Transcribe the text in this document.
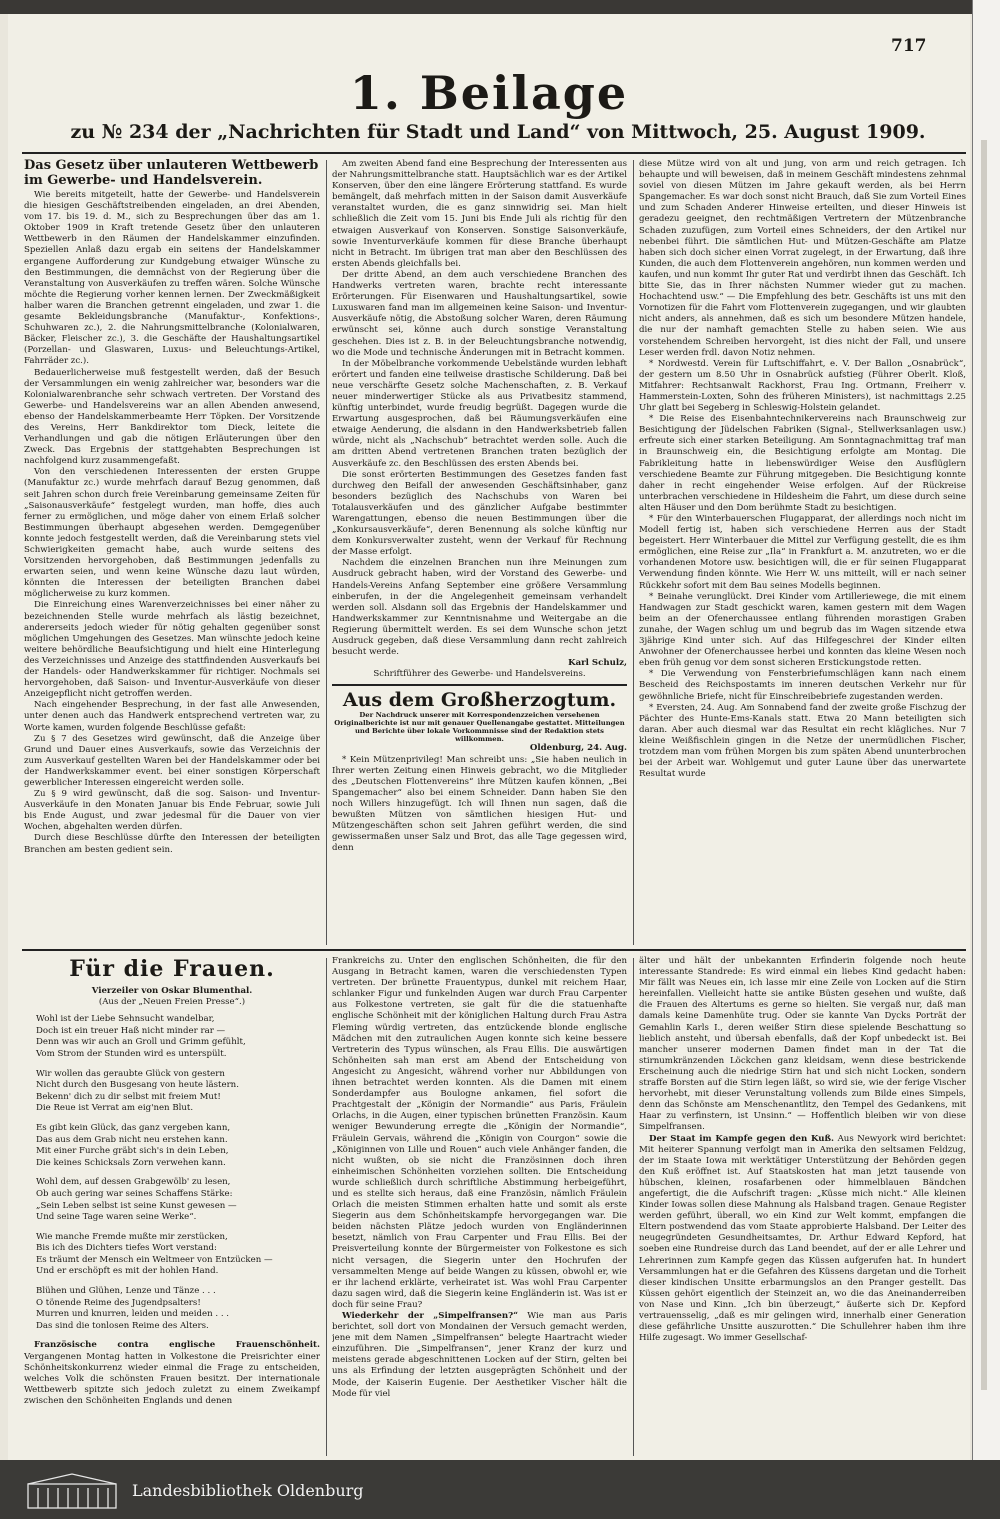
717
1. Beilage
zu № 234 der „Nachrichten für Stadt und Land“ von Mittwoch, 25. August 1909.
Das Gesetz über unlauteren Wettbewerb im Gewerbe- und Handelsverein.

Wie bereits mitgeteilt, hatte der Gewerbe- und Handelsverein die hiesigen Geschäftstreibenden eingeladen, an drei Abenden, vom 17. bis 19. d. M., sich zu Besprechungen über das am 1. Oktober 1909 in Kraft tretende Gesetz über den unlauteren Wettbewerb in den Räumen der Handelskammer einzufinden. Speziellen Anlaß dazu ergab ein seitens der Handelskammer ergangene Aufforderung zur Kundgebung etwaiger Wünsche zu den Bestimmungen, die demnächst von der Regierung über die Veranstaltung von Ausverkäufen zu treffen wären. Solche Wünsche möchte die Regierung vorher kennen lernen. Der Zweckmäßigkeit halber waren die Branchen getrennt eingeladen, und zwar 1. die gesamte Bekleidungsbranche (Manufaktur-, Konfektions-, Schuhwaren zc.), 2. die Nahrungsmittelbranche (Kolonialwaren, Bäcker, Fleischer zc.), 3. die Geschäfte der Haushaltungsartikel (Porzellan- und Glaswaren, Luxus- und Beleuchtungs-Artikel, Fahrräder zc.).

Bedauerlicherweise muß festgestellt werden, daß der Besuch der Versammlungen ein wenig zahlreicher war, besonders war die Kolonialwarenbranche sehr schwach vertreten. Der Vorstand des Gewerbe- und Handelsvereins war an allen Abenden anwesend, ebenso der Handelskammerbeamte Herr Töpken. Der Vorsitzende des Vereins, Herr Bankdirektor tom Dieck, leitete die Verhandlungen und gab die nötigen Erläuterungen über den Zweck. Das Ergebnis der stattgehabten Besprechungen ist nachfolgend kurz zusammengefaßt.

Von den verschiedenen Interessenten der ersten Gruppe (Manufaktur zc.) wurde mehrfach darauf Bezug genommen, daß seit Jahren schon durch freie Vereinbarung gemeinsame Zeiten für „Saisonausverkäufe“ festgelegt wurden, man hoffe, dies auch ferner zu ermöglichen, und möge daher von einem Erlaß solcher Bestimmungen überhaupt abgesehen werden. Demgegenüber konnte jedoch festgestellt werden, daß die Vereinbarung stets viel Schwierigkeiten gemacht habe, auch wurde seitens des Vorsitzenden hervorgehoben, daß Bestimmungen jedenfalls zu erwarten seien, und wenn keine Wünsche dazu laut würden, könnten die Interessen der beteiligten Branchen dabei möglicherweise zu kurz kommen.

Die Einreichung eines Warenverzeichnisses bei einer näher zu bezeichnenden Stelle wurde mehrfach als lästig bezeichnet, andererseits jedoch wieder für nötig gehalten gegenüber sonst möglichen Umgehungen des Gesetzes. Man wünschte jedoch keine weitere behördliche Beaufsichtigung und hielt eine Hinterlegung des Verzeichnisses und Anzeige des stattfindenden Ausverkaufs bei der Handels- oder Handwerkskammer für richtiger. Nochmals sei hervorgehoben, daß Saison- und Inventur-Ausverkäufe von dieser Anzeigepflicht nicht getroffen werden.

Nach eingehender Besprechung, in der fast alle Anwesenden, unter denen auch das Handwerk entsprechend vertreten war, zu Worte kamen, wurden folgende Beschlüsse gefaßt:

Zu § 7 des Gesetzes wird gewünscht, daß die Anzeige über Grund und Dauer eines Ausverkaufs, sowie das Verzeichnis der zum Ausverkauf gestellten Waren bei der Handelskammer oder bei der Handwerkskammer event. bei einer sonstigen Körperschaft gewerblicher Interessen eingereicht werden solle.

Zu § 9 wird gewünscht, daß die sog. Saison- und Inventur-Ausverkäufe in den Monaten Januar bis Ende Februar, sowie Juli bis Ende August, und zwar jedesmal für die Dauer von vier Wochen, abgehalten werden dürfen.

Durch diese Beschlüsse dürfte den Interessen der beteiligten Branchen am besten gedient sein.

Am zweiten Abend fand eine Besprechung der Interessenten aus der Nahrungsmittelbranche statt. Hauptsächlich war es der Artikel Konserven, über den eine längere Erörterung stattfand. Es wurde bemängelt, daß mehrfach mitten in der Saison damit Ausverkäufe veranstaltet wurden, die es ganz sinnwidrig sei. Man hielt schließlich die Zeit vom 15. Juni bis Ende Juli als richtig für den etwaigen Ausverkauf von Konserven. Sonstige Saisonverkäufe, sowie Inventurverkäufe kommen für diese Branche überhaupt nicht in Betracht. Im übrigen trat man aber den Beschlüssen des ersten Abends gleichfalls bei.

Der dritte Abend, an dem auch verschiedene Branchen des Handwerks vertreten waren, brachte recht interessante Erörterungen. Für Eisenwaren und Haushaltungsartikel, sowie Luxuswaren fand man im allgemeinen keine Saison- und Inventur-Ausverkäufe nötig, die Abstoßung solcher Waren, deren Räumung erwünscht sei, könne auch durch sonstige Veranstaltung geschehen. Dies ist z. B. in der Beleuchtungsbranche notwendig, wo die Mode und technische Änderungen mit in Betracht kommen.

In der Möbelbranche vorkommende Uebelstände wurden lebhaft erörtert und fanden eine teilweise drastische Schilderung. Daß bei neue verschärfte Gesetz solche Machenschaften, z. B. Verkauf neuer minderwertiger Stücke als aus Privatbesitz stammend, künftig unterbindet, wurde freudig begrüßt. Dagegen wurde die Erwartung ausgesprochen, daß bei Räumungsverkäufen eine etwaige Aenderung, die alsdann in den Handwerksbetrieb fallen würde, nicht als „Nachschub“ betrachtet werden solle. Auch die am dritten Abend vertretenen Branchen traten bezüglich der Ausverkäufe zc. den Beschlüssen des ersten Abends bei.

Die sonst erörterten Bestimmungen des Gesetzes fanden fast durchweg den Beifall der anwesenden Geschäftsinhaber, ganz besonders bezüglich des Nachschubs von Waren bei Totalausverkäufen und des gänzlicher Aufgabe bestimmter Warengattungen, ebenso die neuen Bestimmungen über die „Konkursausverkäufe“, deren Benennung als solche künftig nur dem Konkursverwalter zusteht, wenn der Verkauf für Rechnung der Masse erfolgt.

Nachdem die einzelnen Branchen nun ihre Meinungen zum Ausdruck gebracht haben, wird der Vorstand des Gewerbe- und Handels-Vereins Anfang September eine größere Versammlung einberufen, in der die Angelegenheit gemeinsam verhandelt werden soll. Alsdann soll das Ergebnis der Handelskammer und Handwerkskammer zur Kenntnisnahme und Weitergabe an die Regierung übermittelt werden. Es sei dem Wunsche schon jetzt Ausdruck gegeben, daß diese Versammlung dann recht zahlreich besucht werde.

Karl Schulz,
Schriftführer des Gewerbe- und Handelsvereins.
Aus dem Großherzogtum.
Der Nachdruck unserer mit Korrespondenzzeichen versehenen Originalberichte ist nur mit genauer Quellenangabe gestattet. Mitteilungen und Berichte über lokale Vorkommnisse sind der Redaktion stets willkommen.
Oldenburg, 24. Aug.

* Kein Mützenprivileg! Man schreibt uns: „Sie haben neulich in Ihrer werten Zeitung einen Hinweis gebracht, wo die Mitglieder des „Deutschen Flottenvereins“ ihre Mützen kaufen können, „Bei Spangemacher“ also bei einem Schneider. Dann haben Sie den noch Willers hinzugefügt. Ich will Ihnen nun sagen, daß die bewußten Mützen von sämtlichen hiesigen Hut- und Mützengeschäften schon seit Jahren geführt werden, die sind gewissermaßen unser Salz und Brot, das alle Tage gegessen wird, denn

diese Mütze wird von alt und jung, von arm und reich getragen. Ich behaupte und will beweisen, daß in meinem Geschäft mindestens zehnmal soviel von diesen Mützen im Jahre gekauft werden, als bei Herrn Spangemacher. Es war doch sonst nicht Brauch, daß Sie zum Vorteil Eines und zum Schaden Anderer Hinweise erteilten, und dieser Hinweis ist geradezu geeignet, den rechtmäßigen Vertretern der Mützenbranche Schaden zuzufügen, zum Vorteil eines Schneiders, der den Artikel nur nebenbei führt. Die sämtlichen Hut- und Mützen-Geschäfte am Platze haben sich doch sicher einen Vorrat zugelegt, in der Erwartung, daß ihre Kunden, die auch dem Flottenverein angehören, nun kommen werden und kaufen, und nun kommt Ihr guter Rat und verdirbt ihnen das Geschäft. Ich bitte Sie, das in Ihrer nächsten Nummer wieder gut zu machen. Hochachtend usw.“ — Die Empfehlung des betr. Geschäfts ist uns mit den Vornotizen für die Fahrt vom Flottenverein zugegangen, und wir glaubten nicht anders, als annehmen, daß es sich um besondere Mützen handele, die nur der namhaft gemachten Stelle zu haben seien. Wie aus vorstehendem Schreiben hervorgeht, ist dies nicht der Fall, und unsere Leser werden frdl. davon Notiz nehmen.

* Nordwestd. Verein für Luftschiffahrt, e. V. Der Ballon „Osnabrück“, der gestern um 8.50 Uhr in Osnabrück aufstieg (Führer Oberlt. Kloß, Mitfahrer: Rechtsanwalt Rackhorst, Frau Ing. Ortmann, Freiherr v. Hammerstein-Loxten, Sohn des früheren Ministers), ist nachmittags 2.25 Uhr glatt bei Segeberg in Schleswig-Holstein gelandet.

* Die Reise des Eisenbahntechnikervereins nach Braunschweig zur Besichtigung der Jüdelschen Fabriken (Signal-, Stellwerksanlagen usw.) erfreute sich einer starken Beteiligung. Am Sonntagnachmittag traf man in Braunschweig ein, die Besichtigung erfolgte am Montag. Die Fabrikleitung hatte in liebenswürdiger Weise den Ausflüglern verschiedene Beamte zur Führung mitgegeben. Die Besichtigung konnte daher in recht eingehender Weise erfolgen. Auf der Rückreise unterbrachen verschiedene in Hildesheim die Fahrt, um diese durch seine alten Häuser und den Dom berühmte Stadt zu besichtigen.

* Für den Winterbauerschen Flugapparat, der allerdings noch nicht im Modell fertig ist, haben sich verschiedene Herren aus der Stadt begeistert. Herr Winterbauer die Mittel zur Verfügung gestellt, die es ihm ermöglichen, eine Reise zur „Ila“ in Frankfurt a. M. anzutreten, wo er die vorhandenen Motore usw. besichtigen will, die er für seinen Flugapparat Verwendung finden könnte. Wie Herr W. uns mitteilt, will er nach seiner Rückkehr sofort mit dem Bau seines Modells beginnen.

* Beinahe verunglückt. Drei Kinder vom Artilleriewege, die mit einem Handwagen zur Stadt geschickt waren, kamen gestern mit dem Wagen beim an der Ofenerchaussee entlang führenden morastigen Graben zunahe, der Wagen schlug um und begrub das im Wagen sitzende etwa 3jährige Kind unter sich. Auf das Hilfegeschrei der Kinder eilten Anwohner der Ofenerchaussee herbei und konnten das kleine Wesen noch eben früh genug vor dem sonst sicheren Erstickungstode retten.

* Die Verwendung von Fensterbriefumschlägen kann nach einem Bescheid des Reichspostamts im inneren deutschen Verkehr nur für gewöhnliche Briefe, nicht für Einschreibebriefe zugestanden werden.

* Eversten, 24. Aug. Am Sonnabend fand der zweite große Fischzug der Pächter des Hunte-Ems-Kanals statt. Etwa 20 Mann beteiligten sich daran. Aber auch diesmal war das Resultat ein recht klägliches. Nur 7 kleine Weißfischlein gingen in die Netze der unermüdlichen Fischer, trotzdem man vom frühen Morgen bis zum späten Abend ununterbrochen bei der Arbeit war. Wohlgemut und guter Laune über das unerwartete Resultat wurde

Für die Frauen.
Vierzeiler von Oskar Blumenthal.
(Aus der „Neuen Freien Presse“.)
Wohl ist der Liebe Sehnsucht wandelbar,
Doch ist ein treuer Haß nicht minder rar —
Denn was wir auch an Groll und Grimm gefühlt,
Vom Strom der Stunden wird es unterspült.
Wir wollen das geraubte Glück von gestern
Nicht durch den Busgesang von heute lästern.
Bekenn' dich zu dir selbst mit freiem Mut!
Die Reue ist Verrat am eig'nen Blut.
Es gibt kein Glück, das ganz vergeben kann,
Das aus dem Grab nicht neu erstehen kann.
Mit einer Furche gräbt sich's in dein Leben,
Die keines Schicksals Zorn verwehen kann.
Wohl dem, auf dessen Grabgewölb' zu lesen,
Ob auch gering war seines Schaffens Stärke:
„Sein Leben selbst ist seine Kunst gewesen —
Und seine Tage waren seine Werke“.
Wie manche Fremde mußte mir zerstücken,
Bis ich des Dichters tiefes Wort verstand:
Es träumt der Mensch ein Weltmeer von Entzücken —
Und er erschöpft es mit der hohlen Hand.
Blühen und Glühen, Lenze und Tänze . . .
O tönende Reime des Jugendpsalters!
Murren und knurren, leiden und meiden . . .
Das sind die tonlosen Reime des Alters.

Französische contra englische Frauenschönheit. Vergangenen Montag hatten in Volkestone die Preisrichter einer Schönheitskonkurrenz wieder einmal die Frage zu entscheiden, welches Volk die schönsten Frauen besitzt. Der internationale Wettbewerb spitzte sich jedoch zuletzt zu einem Zweikampf zwischen den Schönheiten Englands und denen

Frankreichs zu. Unter den englischen Schönheiten, die für den Ausgang in Betracht kamen, waren die verschiedensten Typen vertreten. Der brünette Frauentypus, dunkel mit reichem Haar, schlanker Figur und funkelnden Augen war durch Frau Carpenter aus Folkestone vertreten, sie galt für die die statuenhafte englische Schönheit mit der königlichen Haltung durch Frau Astra Fleming würdig vertreten, das entzückende blonde englische Mädchen mit den zutraulichen Augen konnte sich keine bessere Vertreterin des Typus wünschen, als Frau Ellis. Die auswärtigen Schönheiten sah man erst am Abend der Entscheidung von Angesicht zu Angesicht, während vorher nur Abbildungen von ihnen betrachtet werden konnten. Als die Damen mit einem Sonderdampfer aus Boulogne ankamen, fiel sofort die Prachtgestalt der „Königin der Normandie“ aus Paris, Fräulein Orlachs, in die Augen, einer typischen brünetten Französin. Kaum weniger Bewunderung erregte die „Königin der Normandie“, Fräulein Gervais, während die „Königin von Courgon“ sowie die „Königinnen von Lille und Rouen“ auch viele Anhänger fanden, die nicht wußten, ob sie nicht die Französinnen doch ihren einheimischen Schönheiten vorziehen sollten. Die Entscheidung wurde schließlich durch schriftliche Abstimmung herbeigeführt, und es stellte sich heraus, daß eine Französin, nämlich Fräulein Orlach die meisten Stimmen erhalten hatte und somit als erste Siegerin aus dem Schönheitskampfe hervorgegangen war. Die beiden nächsten Plätze jedoch wurden von Engländerinnen besetzt, nämlich von Frau Carpenter und Frau Ellis. Bei der Preisverteilung konnte der Bürgermeister von Folkestone es sich nicht versagen, die Siegerin unter den Hochrufen der versammelten Menge auf beide Wangen zu küssen, obwohl er, wie er ihr lachend erklärte, verheiratet ist. Was wohl Frau Carpenter dazu sagen wird, daß die Siegerin keine Engländerin ist. Was ist er doch für seine Frau?

Wiederkehr der „Simpelfransen?“ Wie man aus Paris berichtet, soll dort von Mondainen der Versuch gemacht werden, jene mit dem Namen „Simpelfransen“ belegte Haartracht wieder einzuführen. Die „Simpelfransen“, jener Kranz der kurz und meistens gerade abgeschnittenen Locken auf der Stirn, gelten bei uns als Erfindung der letzten ausgeprägten Schönheit und der Mode, der Kaiserin Eugenie. Der Aesthetiker Vischer hält die Mode für viel

älter und hält der unbekannten Erfinderin folgende noch heute interessante Standrede: Es wird einmal ein liebes Kind gedacht haben: Mir fällt was Neues ein, ich lasse mir eine Zeile von Locken auf die Stirn hereinfallen. Vielleicht hatte sie antike Büsten gesehen und wußte, daß die Frauen des Altertums es gerne so hielten. Sie vergaß nur, daß man damals keine Damenhüte trug. Oder sie kannte Van Dycks Porträt der Gemahlin Karls I., deren weißer Stirn diese spielende Beschattung so lieblich ansteht, und übersah ebenfalls, daß der Kopf unbedeckt ist. Bei mancher unserer modernen Damen findet man in der Tat die stirnumkränzenden Löckchen ganz kleidsam, wenn diese bestrickende Erscheinung auch die niedrige Stirn hat und sich nicht Locken, sondern straffe Borsten auf die Stirn legen läßt, so wird sie, wie der ferige Vischer hervorhebt, mit dieser Verunstaltung vollends zum Bilde eines Simpels, denn das Schönste am Menschenantlitz, den Tempel des Gedankens, mit Haar zu verfinstern, ist Unsinn.“ — Hoffentlich bleiben wir von diese Simpelfransen.

Der Staat im Kampfe gegen den Kuß. Aus Newyork wird berichtet: Mit heiterer Spannung verfolgt man in Amerika den seltsamen Feldzug, der im Staate Iowa mit werktätiger Unterstützung der Behörden gegen den Kuß eröffnet ist. Auf Staatskosten hat man jetzt tausende von hübschen, kleinen, rosafarbenen oder himmelblauen Bändchen angefertigt, die die Aufschrift tragen: „Küsse mich nicht.“ Alle kleinen Kinder Iowas sollen diese Mahnung als Halsband tragen. Genaue Register werden geführt, überall, wo ein Kind zur Welt kommt, empfangen die Eltern postwendend das vom Staate approbierte Halsband. Der Leiter des neugegründeten Gesundheitsamtes, Dr. Arthur Edward Kepford, hat soeben eine Rundreise durch das Land beendet, auf der er alle Lehrer und Lehrerinnen zum Kampfe gegen das Küssen aufgerufen hat. In hundert Versammlungen hat er die Gefahren des Küssens dargetan und die Torheit dieser kindischen Unsitte erbarmungslos an den Pranger gestellt. Das Küssen gehört eigentlich der Steinzeit an, wo die das Aneinanderreiben von Nase und Kinn. „Ich bin überzeugt,“ äußerte sich Dr. Kepford vertrauensselig, „daß es mir gelingen wird, innerhalb einer Generation diese gefährliche Unsitte auszurotten.“ Die Schullehrer haben ihm ihre Hilfe zugesagt. Wo immer Gesellschaf-

Landesbibliothek Oldenburg
